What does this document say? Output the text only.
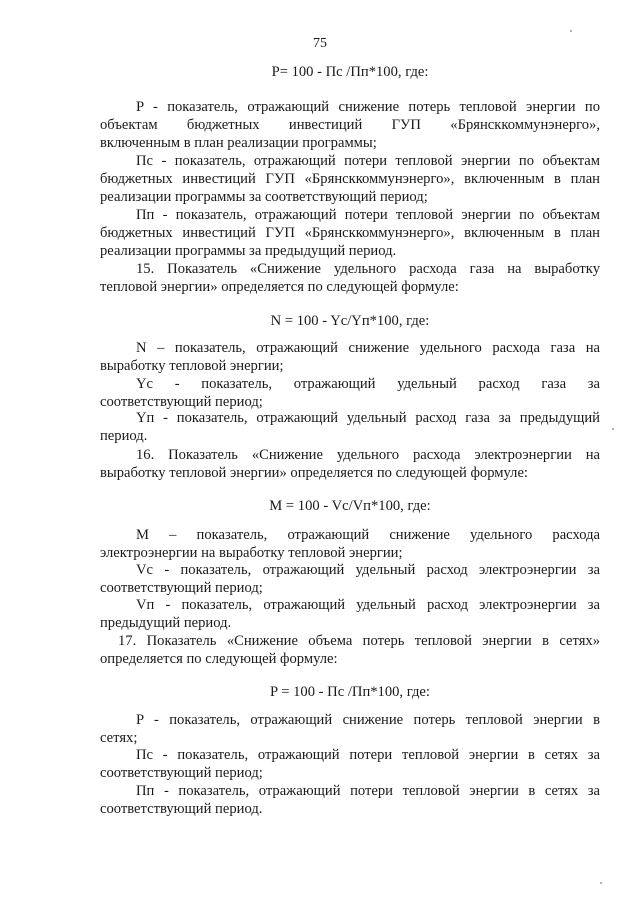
75
P= 100 - Пс /Пп*100, где:
P - показатель, отражающий снижение потерь тепловой энергии по
объектам бюджетных инвестиций ГУП «Брянсккоммунэнерго»,
включенным в план реализации программы;
Пс - показатель, отражающий потери тепловой энергии по объектам
бюджетных инвестиций ГУП «Брянсккоммунэнерго», включенным в план
реализации программы за соответствующий период;
Пп - показатель, отражающий потери тепловой энергии по объектам
бюджетных инвестиций ГУП «Брянсккоммунэнерго», включенным в план
реализации программы за предыдущий период.
15. Показатель «Снижение удельного расхода газа на выработку
тепловой энергии» определяется по следующей формуле:
N = 100 - Yc/Yп*100, где:
N – показатель, отражающий снижение удельного расхода газа на
выработку тепловой энергии;
Yc - показатель, отражающий удельный расход газа за
соответствующий период;
Yп - показатель, отражающий удельный расход газа за предыдущий
период.
16. Показатель «Снижение удельного расхода электроэнергии на
выработку тепловой энергии» определяется по следующей формуле:
M = 100 - Vc/Vп*100, где:
M – показатель, отражающий снижение удельного расхода
электроэнергии на выработку тепловой энергии;
Vc - показатель, отражающий удельный расход электроэнергии за
соответствующий период;
Vп - показатель, отражающий удельный расход электроэнергии за
предыдущий период.
17. Показатель «Снижение объема потерь тепловой энергии в сетях»
определяется по следующей формуле:
P = 100 - Пс /Пп*100, где:
P - показатель, отражающий снижение потерь тепловой энергии в
сетях;
Пс - показатель, отражающий потери тепловой энергии в сетях за
соответствующий период;
Пп - показатель, отражающий потери тепловой энергии в сетях за
соответствующий период.
